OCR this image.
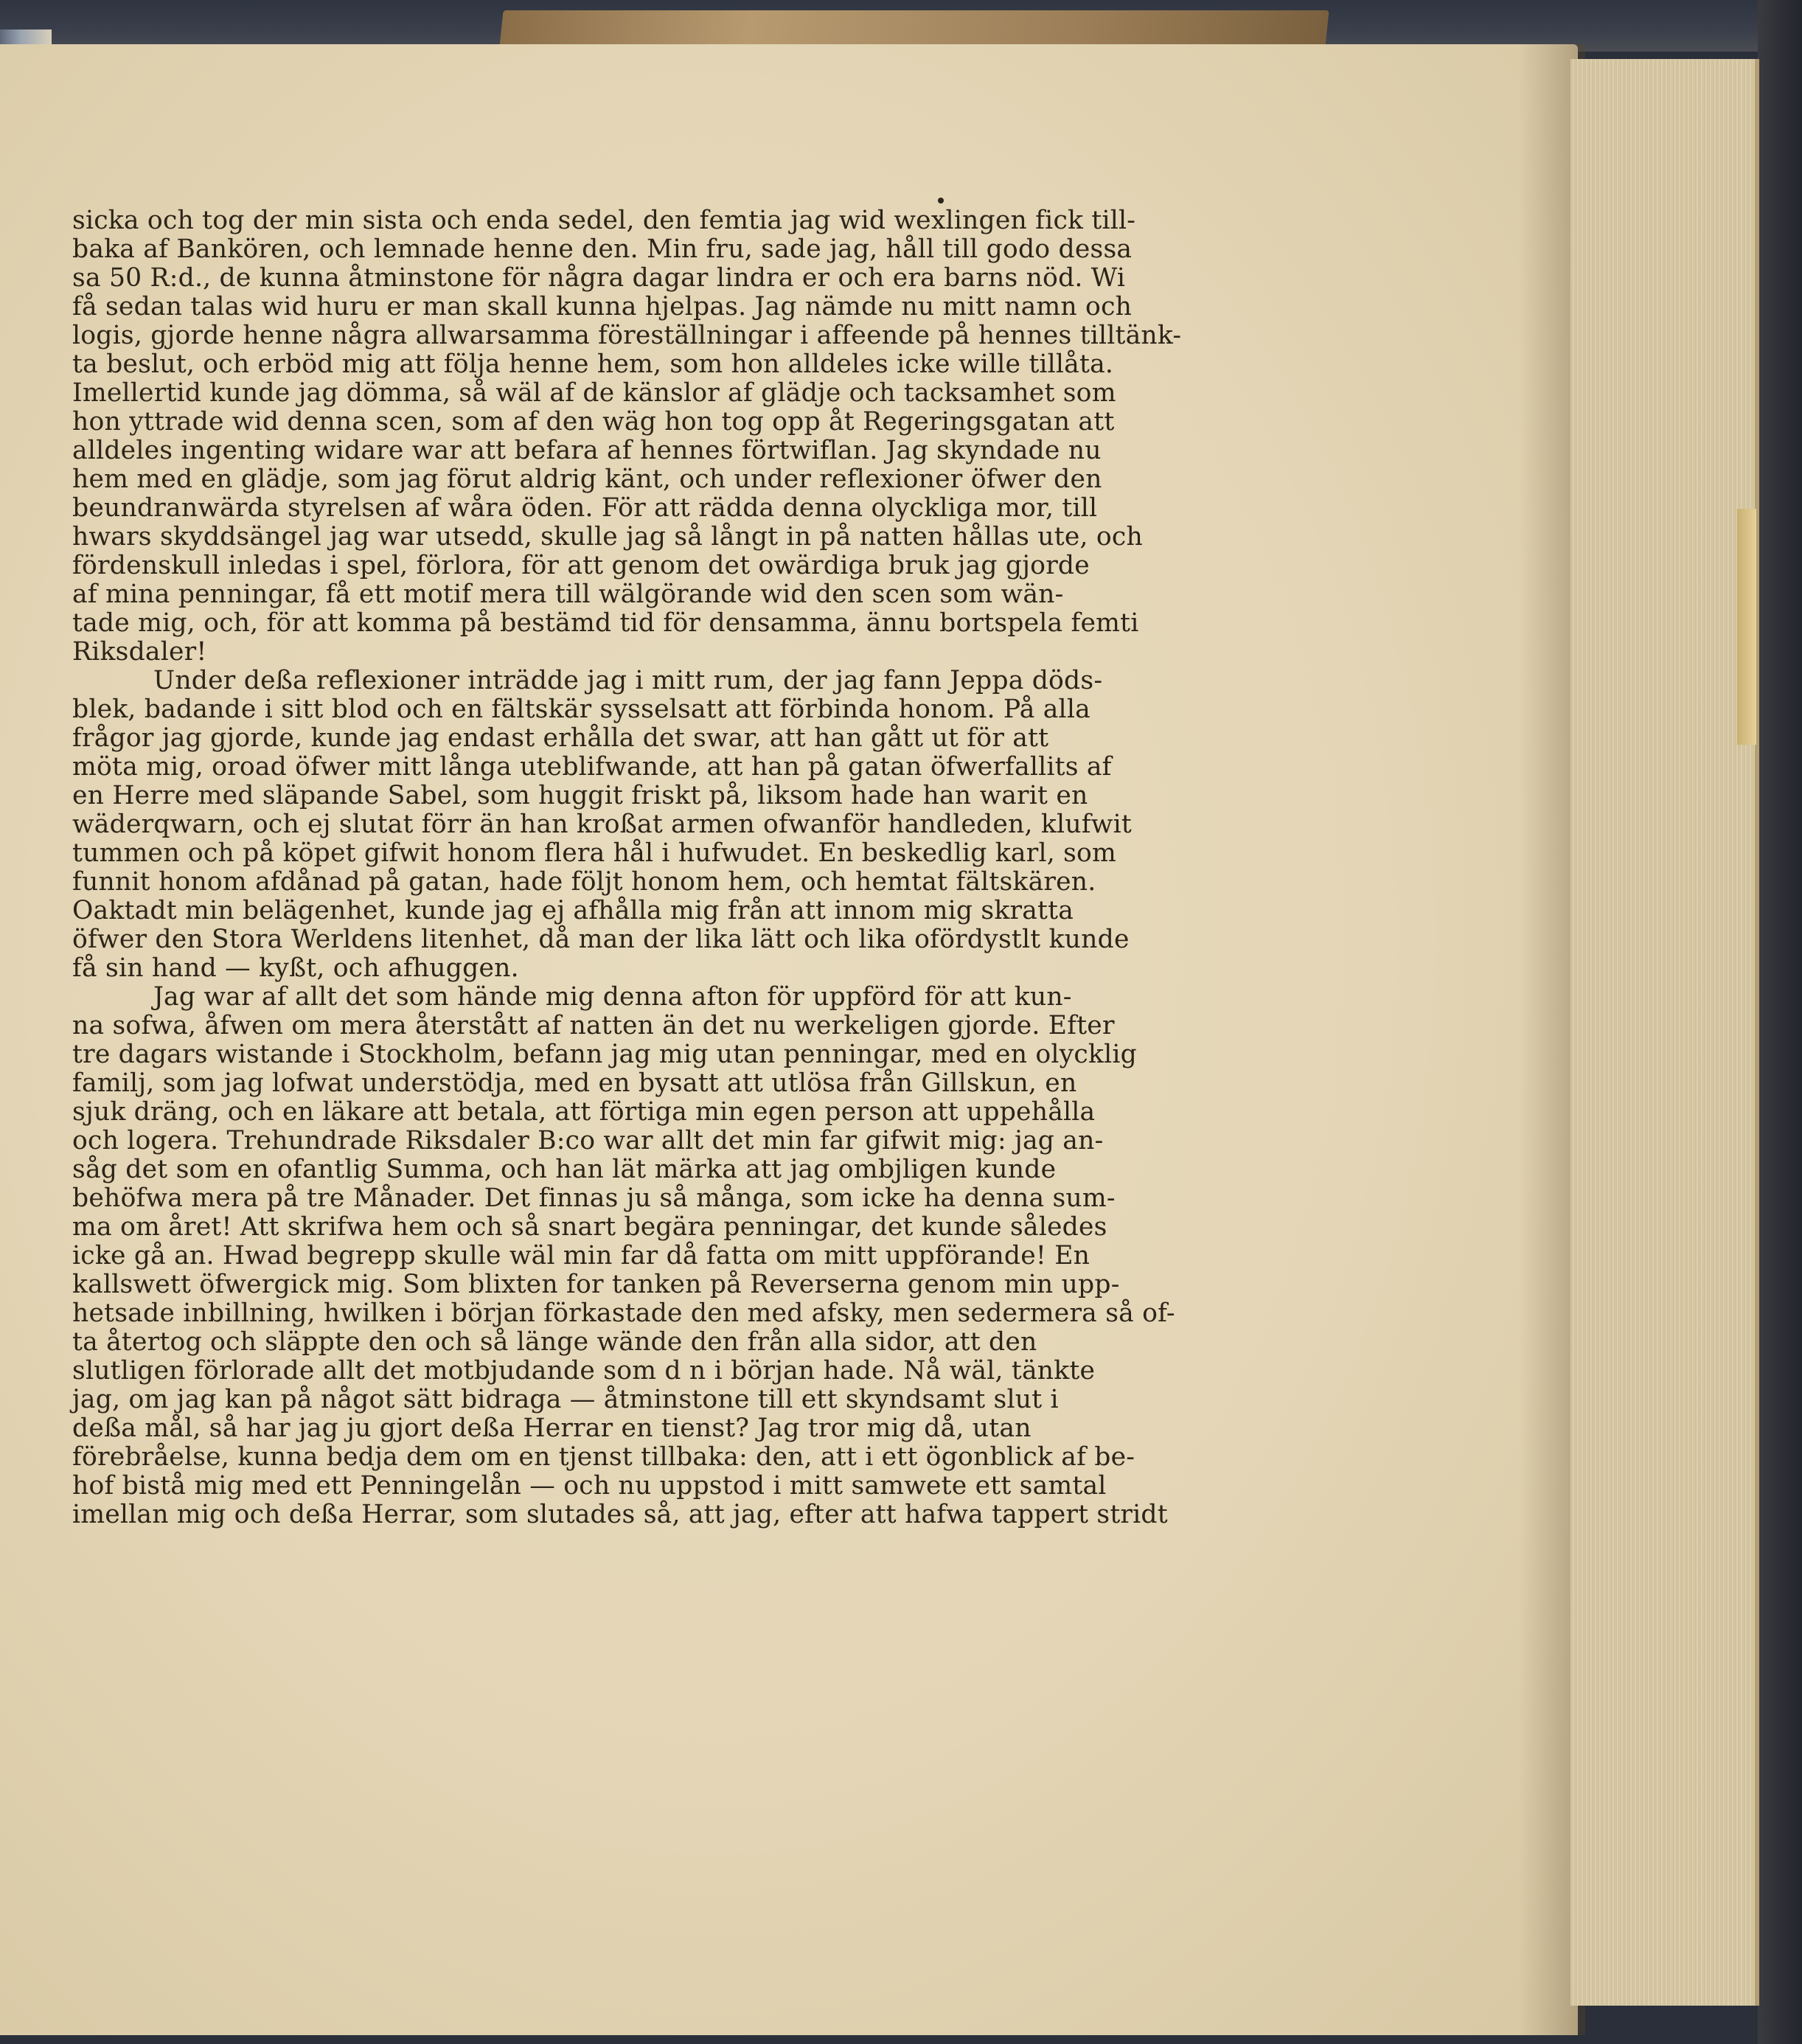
sicka och tog der min sista och enda sedel, den femtia jag wid wexlingen fick till-
baka af Bankören, och lemnade henne den. Min fru, sade jag, håll till godo dessa
sa 50 R:d., de kunna åtminstone för några dagar lindra er och era barns nöd. Wi
få sedan talas wid huru er man skall kunna hjelpas. Jag nämde nu mitt namn och
logis, gjorde henne några allwarsamma föreställningar i affeende på hennes tilltänk-
ta beslut, och erböd mig att följa henne hem, som hon alldeles icke wille tillåta.
Imellertid kunde jag dömma, så wäl af de känslor af glädje och tacksamhet som
hon yttrade wid denna scen, som af den wäg hon tog opp åt Regeringsgatan att
alldeles ingenting widare war att befara af hennes förtwiflan. Jag skyndade nu
hem med en glädje, som jag förut aldrig känt, och under reflexioner öfwer den
beundranwärda styrelsen af wåra öden. För att rädda denna olyckliga mor, till
hwars skyddsängel jag war utsedd, skulle jag så långt in på natten hållas ute, och
fördenskull inledas i spel, förlora, för att genom det owärdiga bruk jag gjorde
af mina penningar, få ett motif mera till wälgörande wid den scen som wän-
tade mig, och, för att komma på bestämd tid för densamma, ännu bortspela femti
Riksdaler!
Under deßa reflexioner inträdde jag i mitt rum, der jag fann Jeppa döds-
blek, badande i sitt blod och en fältskär sysselsatt att förbinda honom. På alla
frågor jag gjorde, kunde jag endast erhålla det swar, att han gått ut för att
möta mig, oroad öfwer mitt långa uteblifwande, att han på gatan öfwerfallits af
en Herre med släpande Sabel, som huggit friskt på, liksom hade han warit en
wäderqwarn, och ej slutat förr än han kroßat armen ofwanför handleden, klufwit
tummen och på köpet gifwit honom flera hål i hufwudet. En beskedlig karl, som
funnit honom afdånad på gatan, hade följt honom hem, och hemtat fältskären.
Oaktadt min belägenhet, kunde jag ej afhålla mig från att innom mig skratta
öfwer den Stora Werldens litenhet, då man der lika lätt och lika ofördystlt kunde
få sin hand — kyßt, och afhuggen.
Jag war af allt det som hände mig denna afton för uppförd för att kun-
na sofwa, åfwen om mera återstått af natten än det nu werkeligen gjorde. Efter
tre dagars wistande i Stockholm, befann jag mig utan penningar, med en olycklig
familj, som jag lofwat understödja, med en bysatt att utlösa från Gillskun, en
sjuk dräng, och en läkare att betala, att förtiga min egen person att uppehålla
och logera. Trehundrade Riksdaler B:co war allt det min far gifwit mig: jag an-
såg det som en ofantlig Summa, och han lät märka att jag ombjligen kunde
behöfwa mera på tre Månader. Det finnas ju så många, som icke ha denna sum-
ma om året! Att skrifwa hem och så snart begära penningar, det kunde således
icke gå an. Hwad begrepp skulle wäl min far då fatta om mitt uppförande! En
kallswett öfwergick mig. Som blixten for tanken på Reverserna genom min upp-
hetsade inbillning, hwilken i början förkastade den med afsky, men sedermera så of-
ta återtog och släppte den och så länge wände den från alla sidor, att den
slutligen förlorade allt det motbjudande som d n i början hade. Nå wäl, tänkte
jag, om jag kan på något sätt bidraga — åtminstone till ett skyndsamt slut i
deßa mål, så har jag ju gjort deßa Herrar en tienst? Jag tror mig då, utan
förebråelse, kunna bedja dem om en tjenst tillbaka: den, att i ett ögonblick af be-
hof bistå mig med ett Penningelån — och nu uppstod i mitt samwete ett samtal
imellan mig och deßa Herrar, som slutades så, att jag, efter att hafwa tappert stridt
